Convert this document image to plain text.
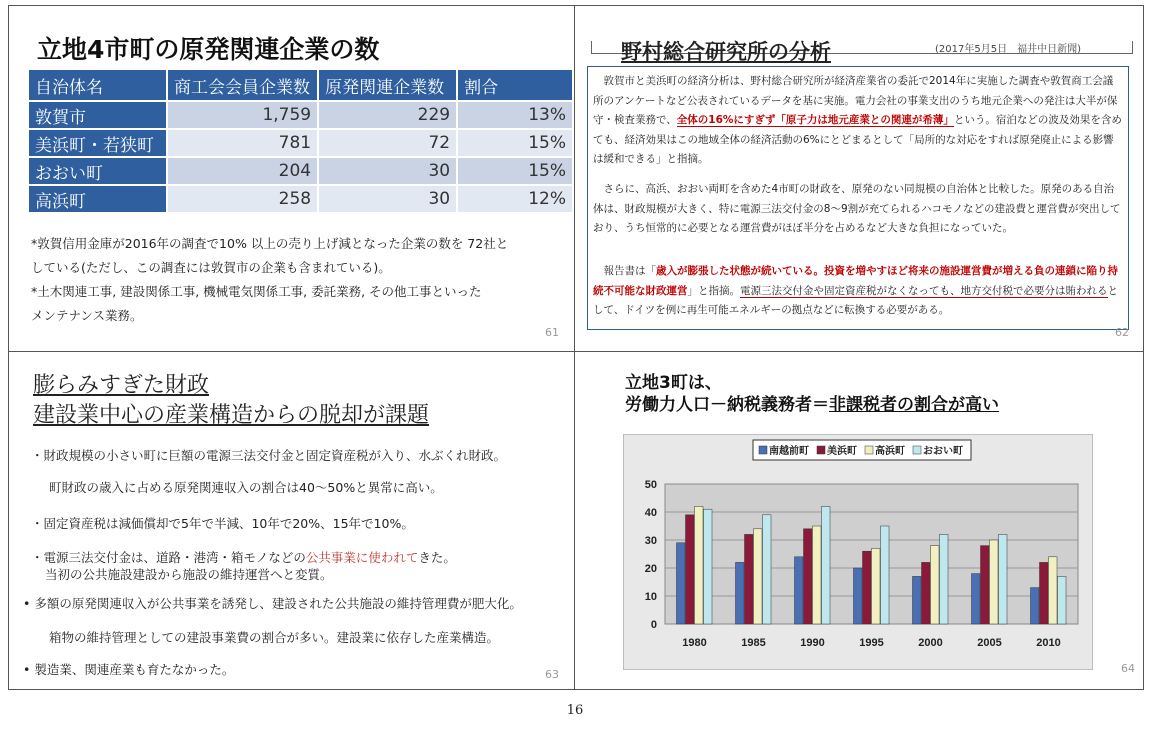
立地4市町の原発関連企業の数
自治体名	商工会会員企業数	原発関連企業数	割合
敦賀市	1,759	229	13%
美浜町・若狭町	781	72	15%
おおい町	204	30	15%
高浜町	258	30	12%
*敦賀信用金庫が2016年の調査で10% 以上の売り上げ減となった企業の数を 72社と
している(ただし、この調査には敦賀市の企業も含まれている)。
*土木関連工事, 建設関係工事, 機械電気関係工事, 委託業務, その他工事といった
メンテナンス業務。
61
野村総合研究所の分析	(2017年5月5日　福井中日新聞)
敦賀市と美浜町の経済分析は、野村総合研究所が経済産業省の委託で2014年に実施した調査や敦賀商工会議所のアンケートなど公表されているデータを基に実施。電力会社の事業支出のうち地元企業への発注は大半が保守・検査業務で、全体の16%にすぎず「原子力は地元産業との関連が希薄」という。宿泊などの波及効果を含めても、経済効果はこの地域全体の経済活動の6%にとどまるとして「局所的な対応をすれば原発廃止による影響は緩和できる」と指摘。
さらに、高浜、おおい両町を含めた4市町の財政を、原発のない同規模の自治体と比較した。原発のある自治体は、財政規模が大きく、特に電源三法交付金の8〜9割が充てられるハコモノなどの建設費と運営費が突出しており、うち恒常的に必要となる運営費がほぼ半分を占めるなど大きな負担になっていた。
報告書は「歳入が膨張した状態が続いている。投資を増やすほど将来の施設運営費が増える負の連鎖に陥り持続不可能な財政運営」と指摘。電源三法交付金や固定資産税がなくなっても、地方交付税で必要分は賄われるとして、ドイツを例に再生可能エネルギーの拠点などに転換する必要がある。
62
膨らみすぎた財政
建設業中心の産業構造からの脱却が課題
・財政規模の小さい町に巨額の電源三法交付金と固定資産税が入り、水ぶくれ財政。
町財政の歳入に占める原発関連収入の割合は40〜50%と異常に高い。
・固定資産税は減価償却で5年で半減、10年で20%、15年で10%。
・電源三法交付金は、道路・港湾・箱モノなどの公共事業に使われてきた。
当初の公共施設建設から施設の維持運営へと変質。
• 多額の原発関連収入が公共事業を誘発し、建設された公共施設の維持管理費が肥大化。
箱物の維持管理としての建設事業費の割合が多い。建設業に依存した産業構造。
• 製造業、関連産業も育たなかった。	63
立地3町は、
労働力人口－納税義務者＝非課税者の割合が高い
0
10
20
30
40
50
1980	1985	1990	1995	2000	2005	2010
南越前町 美浜町 高浜町 おおい町
64
16
